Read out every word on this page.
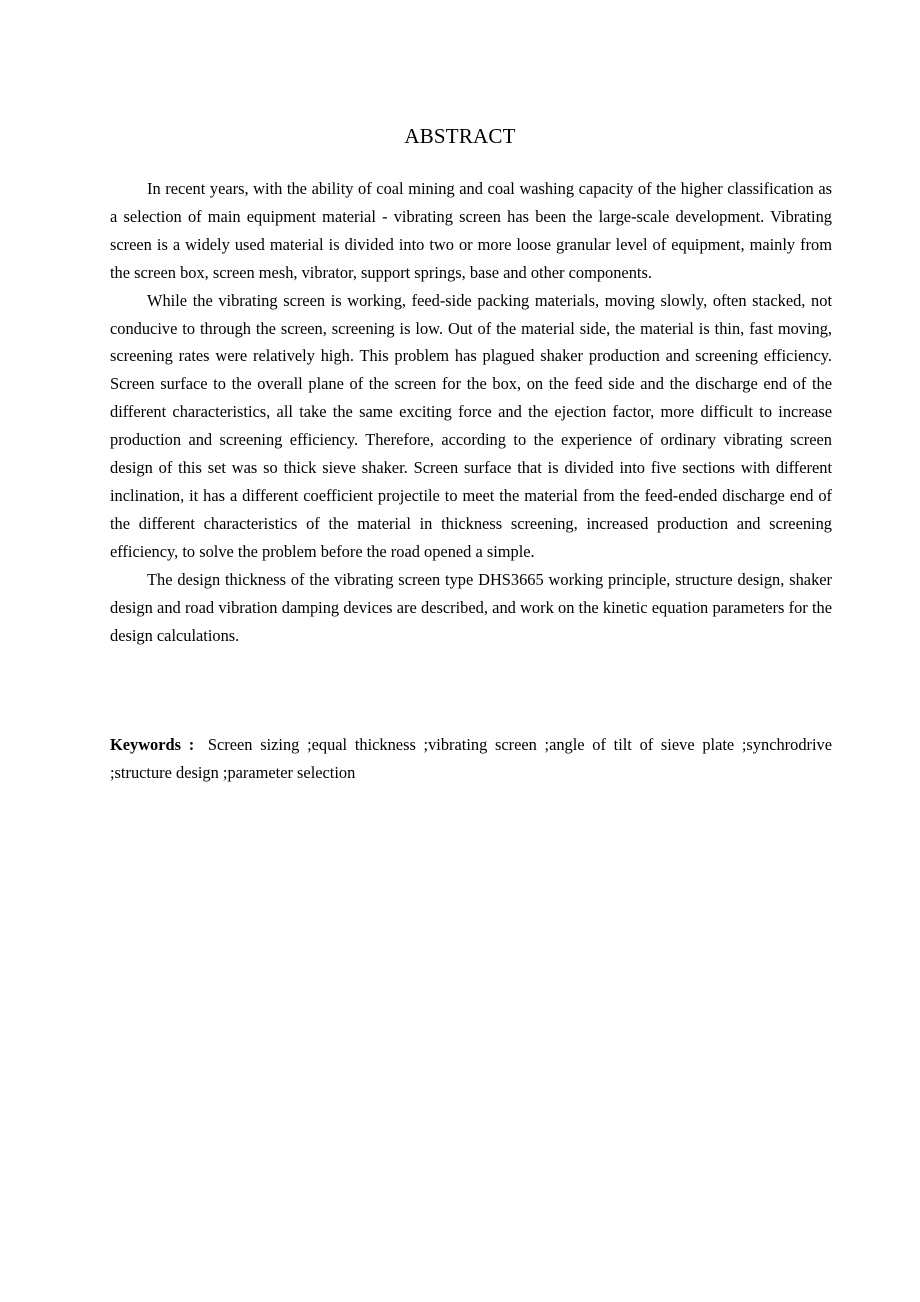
ABSTRACT

In recent years, with the ability of coal mining and coal washing capacity of the higher classification as a selection of main equipment material - vibrating screen has been the large-scale development. Vibrating screen is a widely used material is divided into two or more loose granular level of equipment, mainly from the screen box, screen mesh, vibrator, support springs, base and other components.

While the vibrating screen is working, feed-side packing materials, moving slowly, often stacked, not conducive to through the screen, screening is low. Out of the material side, the material is thin, fast moving, screening rates were relatively high. This problem has plagued shaker production and screening efficiency. Screen surface to the overall plane of the screen for the box, on the feed side and the discharge end of the different characteristics, all take the same exciting force and the ejection factor, more difficult to increase production and screening efficiency. Therefore, according to the experience of ordinary vibrating screen design of this set was so thick sieve shaker. Screen surface that is divided into five sections with different inclination, it has a different coefficient projectile to meet the material from the feed-ended discharge end of the different characteristics of the material in thickness screening, increased production and screening efficiency, to solve the problem before the road opened a simple.

The design thickness of the vibrating screen type DHS3665 working principle, structure design, shaker design and road vibration damping devices are described, and work on the kinetic equation parameters for the design calculations.

Keywords : Screen sizing ;equal thickness ;vibrating screen ;angle of tilt of sieve plate ;synchrodrive ;structure design ;parameter selection
